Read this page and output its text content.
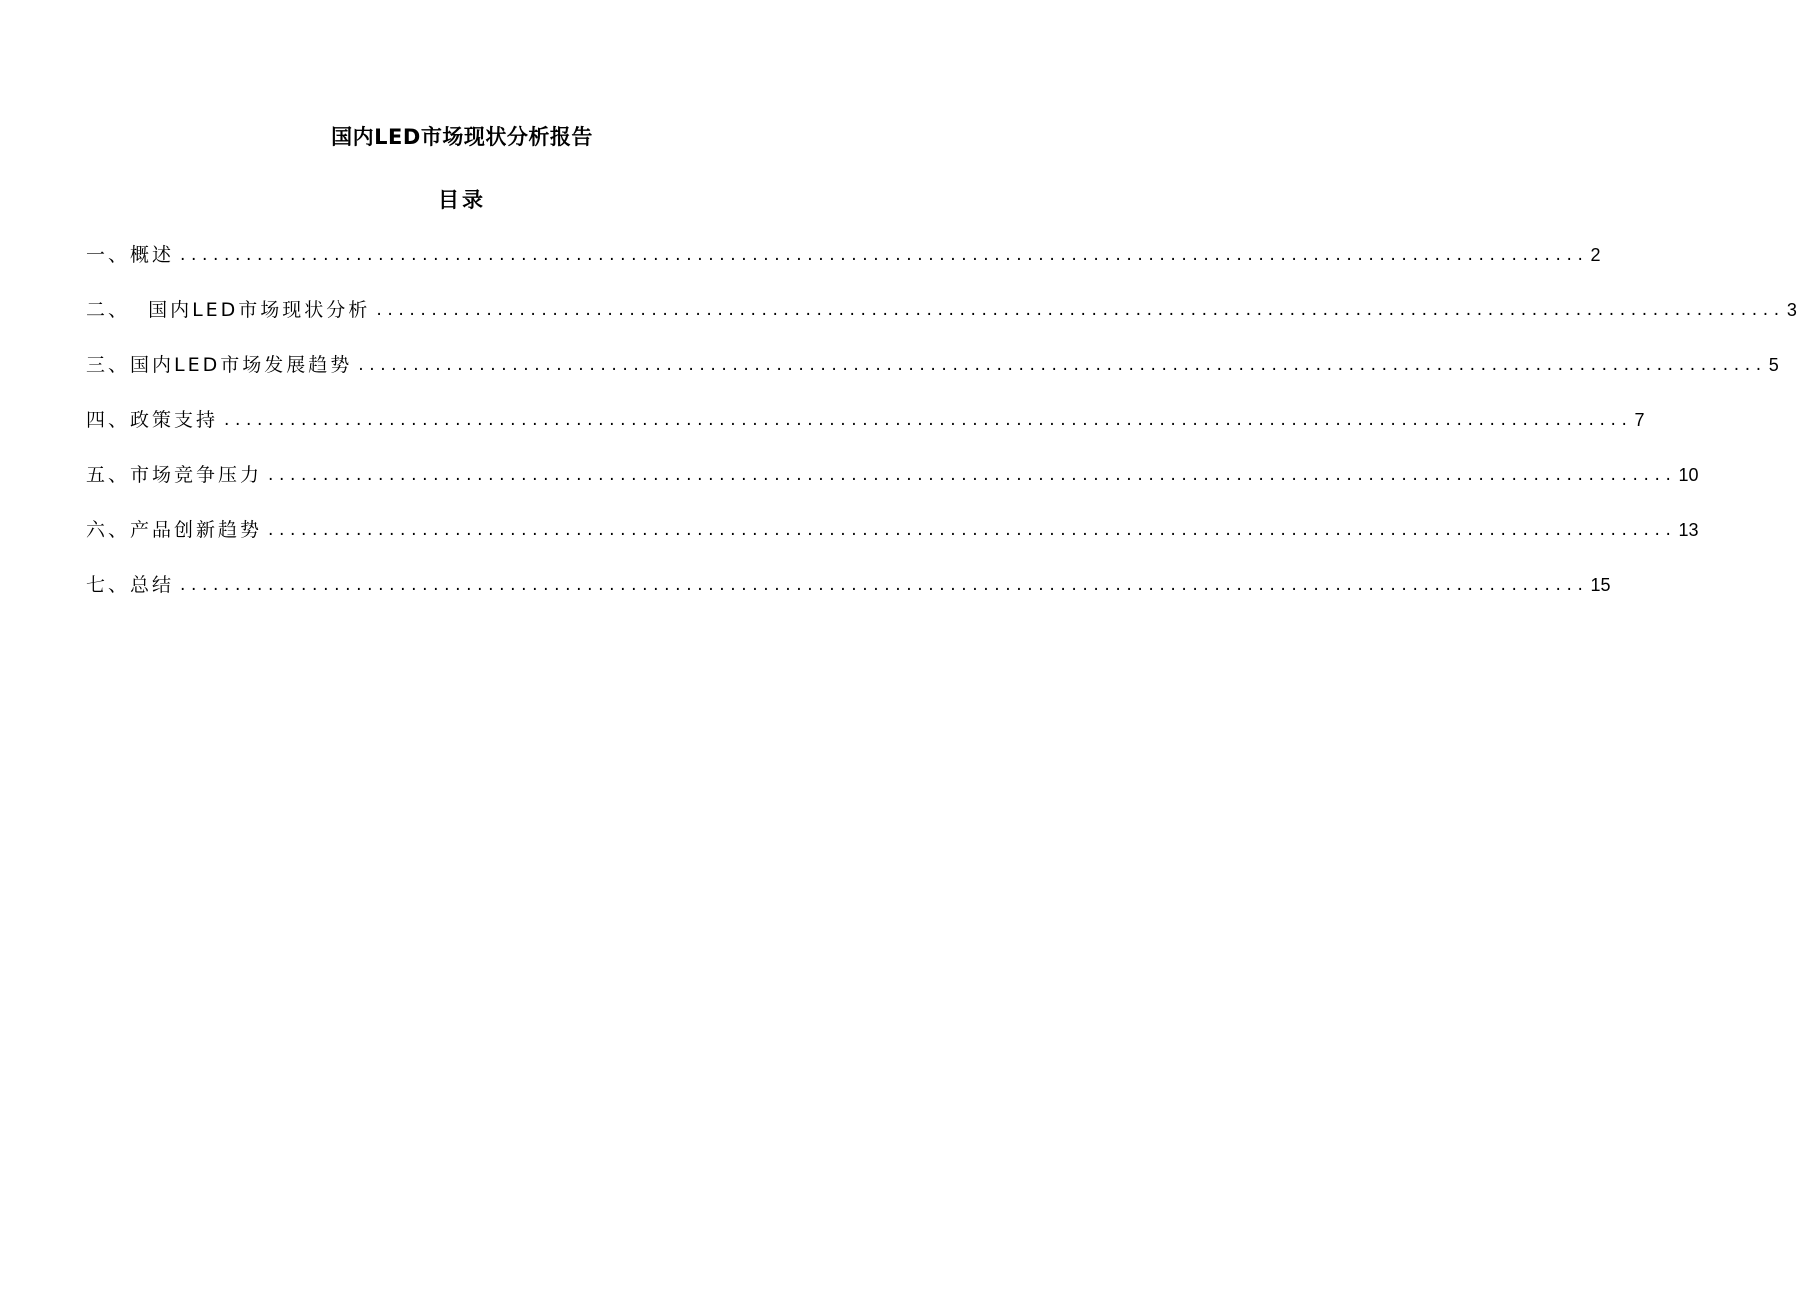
国内LED市场现状分析报告
目录
一、概述 ................................................................................................................................ 2
二、  国内LED市场现状分析 ................................................................................................................................ 3
三、国内LED市场发展趋势 ................................................................................................................................ 5
四、政策支持 ................................................................................................................................ 7
五、市场竞争压力 ................................................................................................................................ 10
六、产品创新趋势 ................................................................................................................................ 13
七、总结 ................................................................................................................................ 15
